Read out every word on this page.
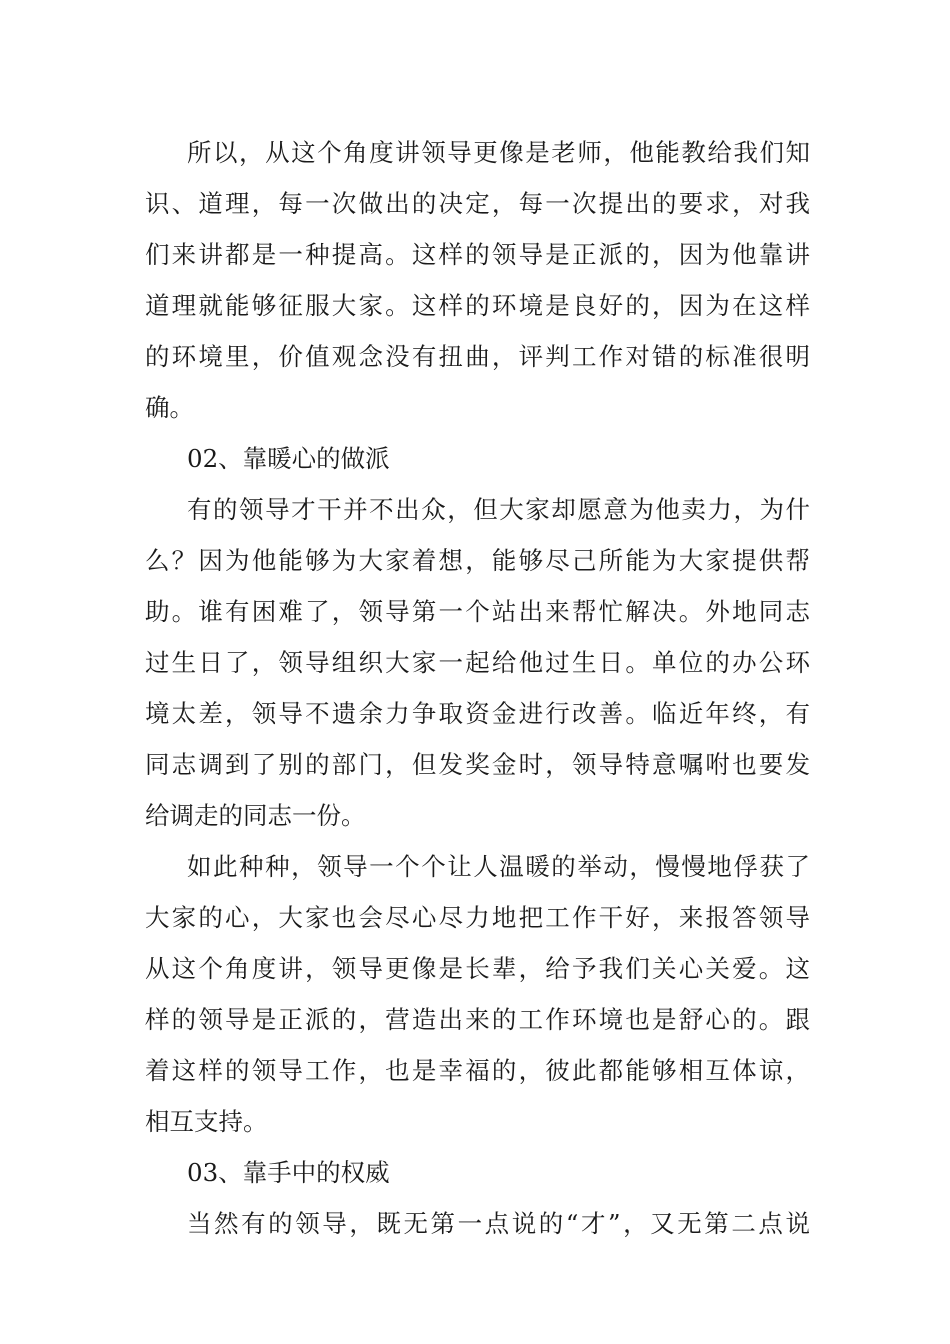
所以，从这个角度讲领导更像是老师，他能教给我们知
识、道理，每一次做出的决定，每一次提出的要求，对我
们来讲都是一种提高。这样的领导是正派的，因为他靠讲
道理就能够征服大家。这样的环境是良好的，因为在这样
的环境里，价值观念没有扭曲，评判工作对错的标准很明
确。
02、靠暖心的做派
有的领导才干并不出众，但大家却愿意为他卖力，为什
么？因为他能够为大家着想，能够尽己所能为大家提供帮
助。谁有困难了，领导第一个站出来帮忙解决。外地同志
过生日了，领导组织大家一起给他过生日。单位的办公环
境太差，领导不遗余力争取资金进行改善。临近年终，有
同志调到了别的部门，但发奖金时，领导特意嘱咐也要发
给调走的同志一份。
如此种种，领导一个个让人温暖的举动，慢慢地俘获了
大家的心，大家也会尽心尽力地把工作干好，来报答领导
从这个角度讲，领导更像是长辈，给予我们关心关爱。这
样的领导是正派的，营造出来的工作环境也是舒心的。跟
着这样的领导工作，也是幸福的，彼此都能够相互体谅，
相互支持。
03、靠手中的权威
当然有的领导，既无第一点说的“才”，又无第二点说
